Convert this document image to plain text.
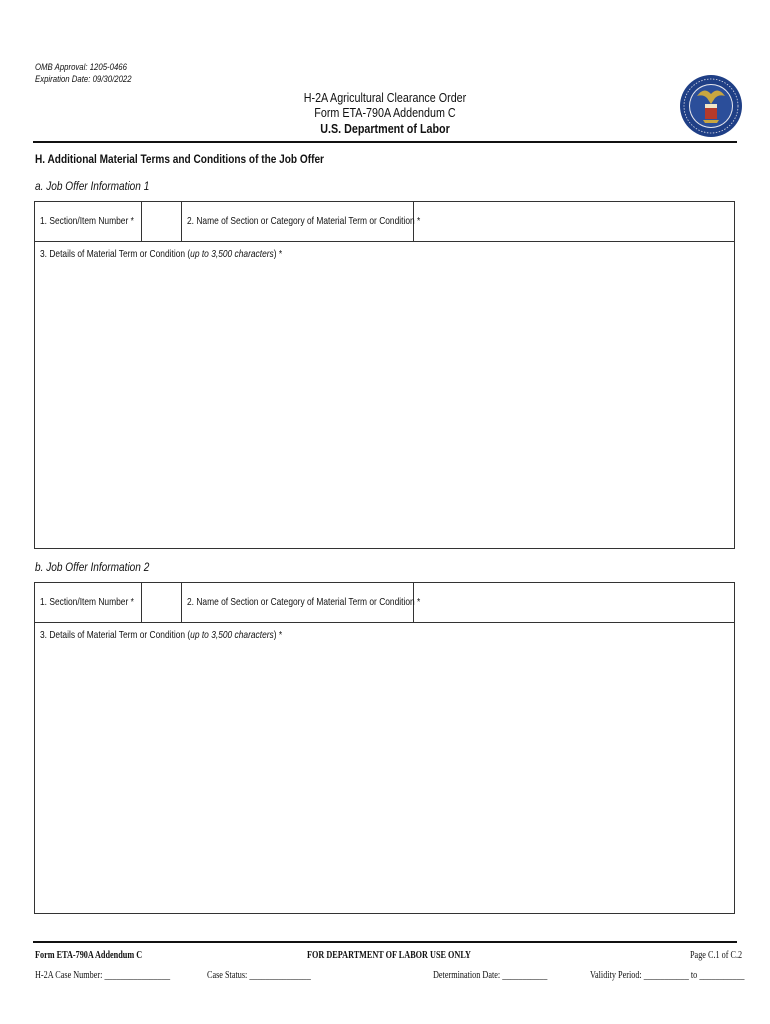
OMB Approval: 1205-0466
Expiration Date: 09/30/2022
H-2A Agricultural Clearance Order
Form ETA-790A Addendum C
U.S. Department of Labor
H. Additional Material Terms and Conditions of the Job Offer
a. Job Offer Information 1
1. Section/Item Number *	2. Name of Section or Category of Material Term or Condition *
3. Details of Material Term or Condition (up to 3,500 characters) *
b. Job Offer Information 2
1. Section/Item Number *	2. Name of Section or Category of Material Term or Condition *
3. Details of Material Term or Condition (up to 3,500 characters) *
Form ETA-790A Addendum C	FOR DEPARTMENT OF LABOR USE ONLY	Page C.1 of C.2
H-2A Case Number: ________________	Case Status: _______________	Determination Date: ___________	Validity Period: ___________ to ___________
